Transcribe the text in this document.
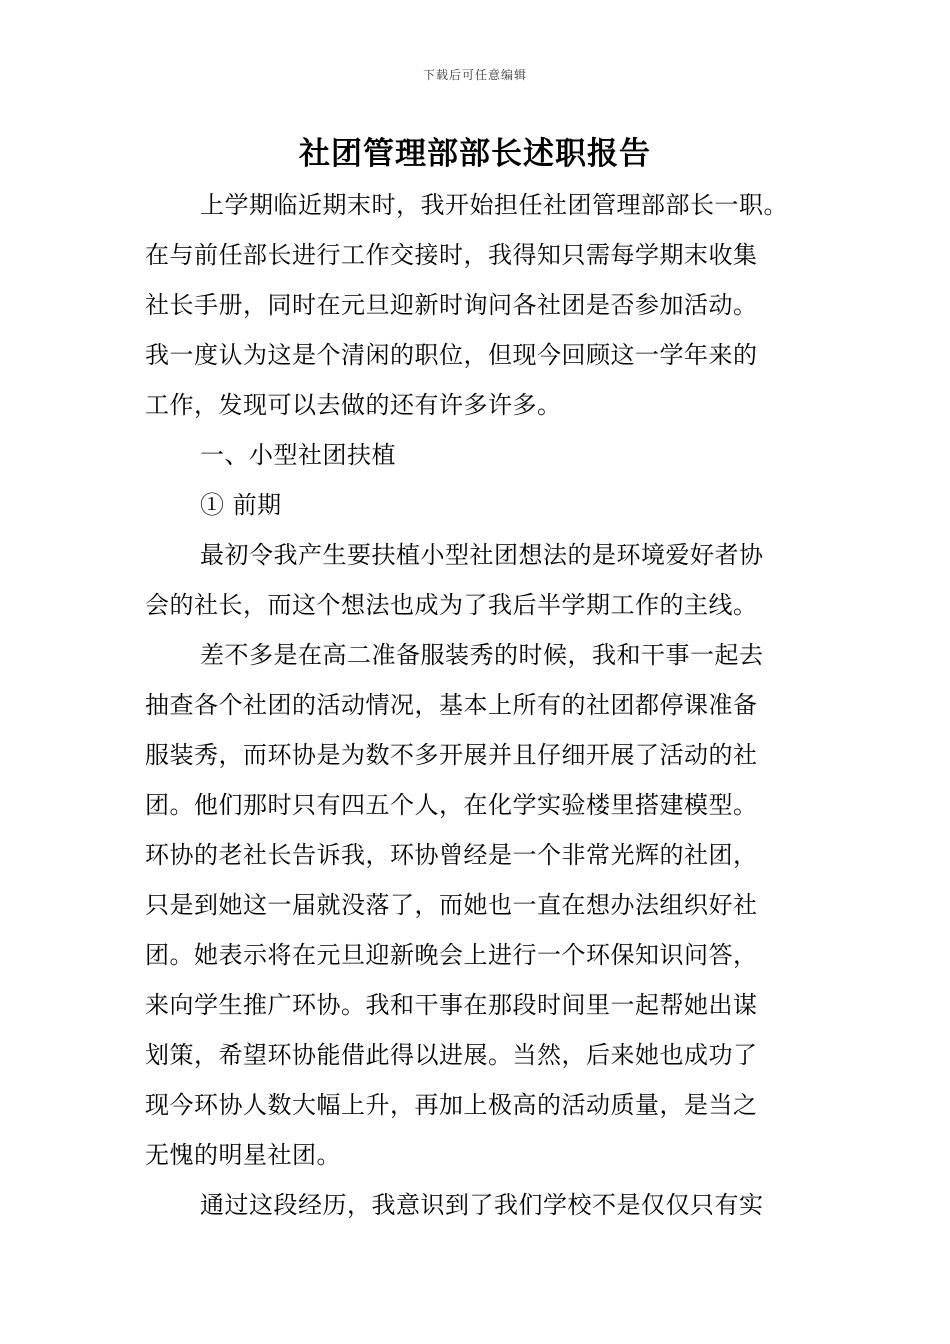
下载后可任意编辑
社团管理部部长述职报告
上学期临近期末时，我开始担任社团管理部部长一职。
在与前任部长进行工作交接时，我得知只需每学期末收集
社长手册，同时在元旦迎新时询问各社团是否参加活动。
我一度认为这是个清闲的职位，但现今回顾这一学年来的
工作，发现可以去做的还有许多许多。
一、小型社团扶植
① 前期
最初令我产生要扶植小型社团想法的是环境爱好者协
会的社长，而这个想法也成为了我后半学期工作的主线。
差不多是在高二准备服装秀的时候，我和干事一起去
抽查各个社团的活动情况，基本上所有的社团都停课准备
服装秀，而环协是为数不多开展并且仔细开展了活动的社
团。他们那时只有四五个人，在化学实验楼里搭建模型。
环协的老社长告诉我，环协曾经是一个非常光辉的社团，
只是到她这一届就没落了，而她也一直在想办法组织好社
团。她表示将在元旦迎新晚会上进行一个环保知识问答，
来向学生推广环协。我和干事在那段时间里一起帮她出谋
划策，希望环协能借此得以进展。当然，后来她也成功了
现今环协人数大幅上升，再加上极高的活动质量，是当之
无愧的明星社团。
通过这段经历，我意识到了我们学校不是仅仅只有实
